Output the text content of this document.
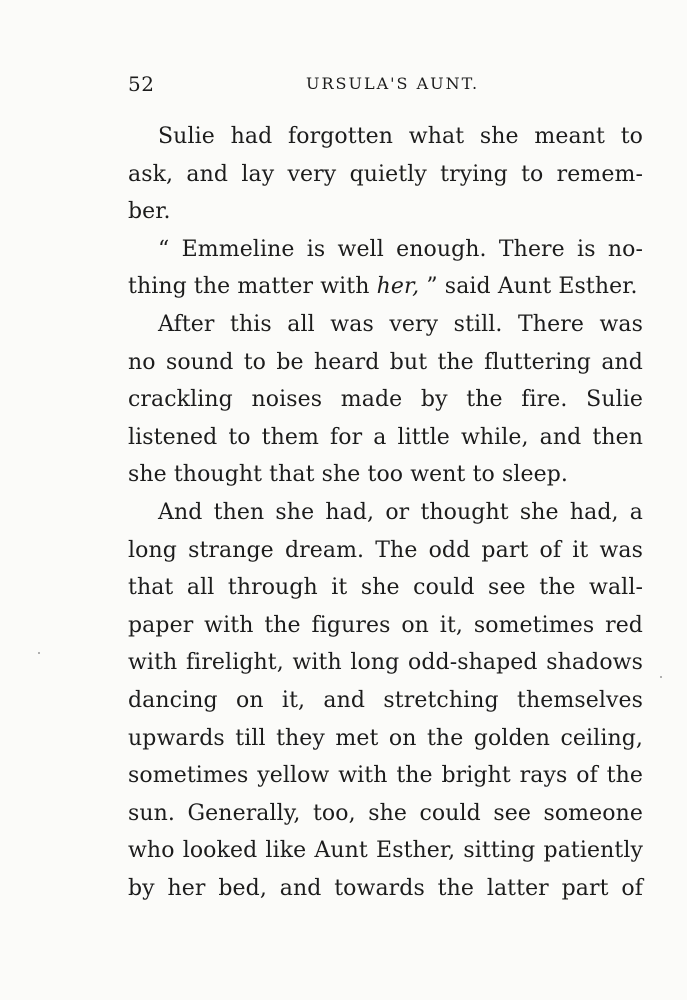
52	URSULA'S AUNT.
Sulie had forgotten what she meant to
ask, and lay very quietly trying to remem-
ber.
“ Emmeline is well enough. There is no-
thing the matter with her, ” said Aunt Esther.
After this all was very still. There was
no sound to be heard but the fluttering and
crackling noises made by the fire. Sulie
listened to them for a little while, and then
she thought that she too went to sleep.
And then she had, or thought she had, a
long strange dream. The odd part of it was
that all through it she could see the wall-
paper with the figures on it, sometimes red
with firelight, with long odd-shaped shadows
dancing on it, and stretching themselves
upwards till they met on the golden ceiling,
sometimes yellow with the bright rays of the
sun. Generally, too, she could see someone
who looked like Aunt Esther, sitting patiently
by her bed, and towards the latter part of
